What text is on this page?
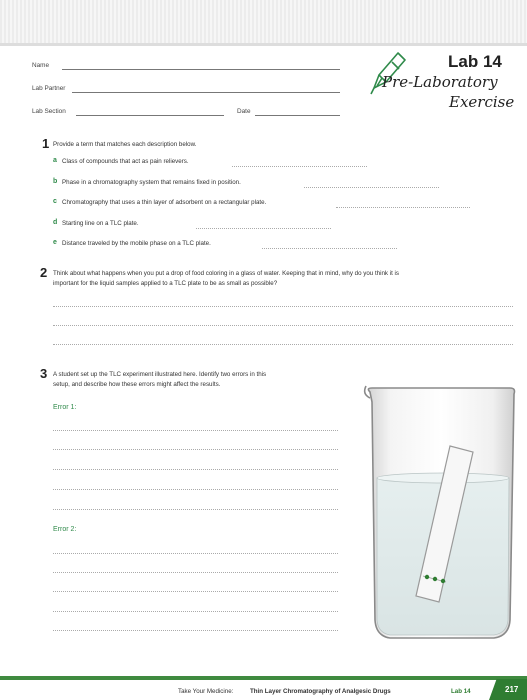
Name
Lab Partner
Lab Section	Date
Lab 14
Pre-Laboratory
Exercise
1 Provide a term that matches each description below.
a Class of compounds that act as pain relievers.
b Phase in a chromatography system that remains fixed in position.
c Chromatography that uses a thin layer of adsorbent on a rectangular plate.
d Starting line on a TLC plate.
e Distance traveled by the mobile phase on a TLC plate.
2 Think about what happens when you put a drop of food coloring in a glass of water. Keeping that in mind, why do you think it is
important for the liquid samples applied to a TLC plate to be as small as possible?
3 A student set up the TLC experiment illustrated here. Identify two errors in this
setup, and describe how these errors might affect the results.
Error 1:
Error 2:
Take Your Medicine:	Thin Layer Chromatography of Analgesic Drugs	Lab 14	217
